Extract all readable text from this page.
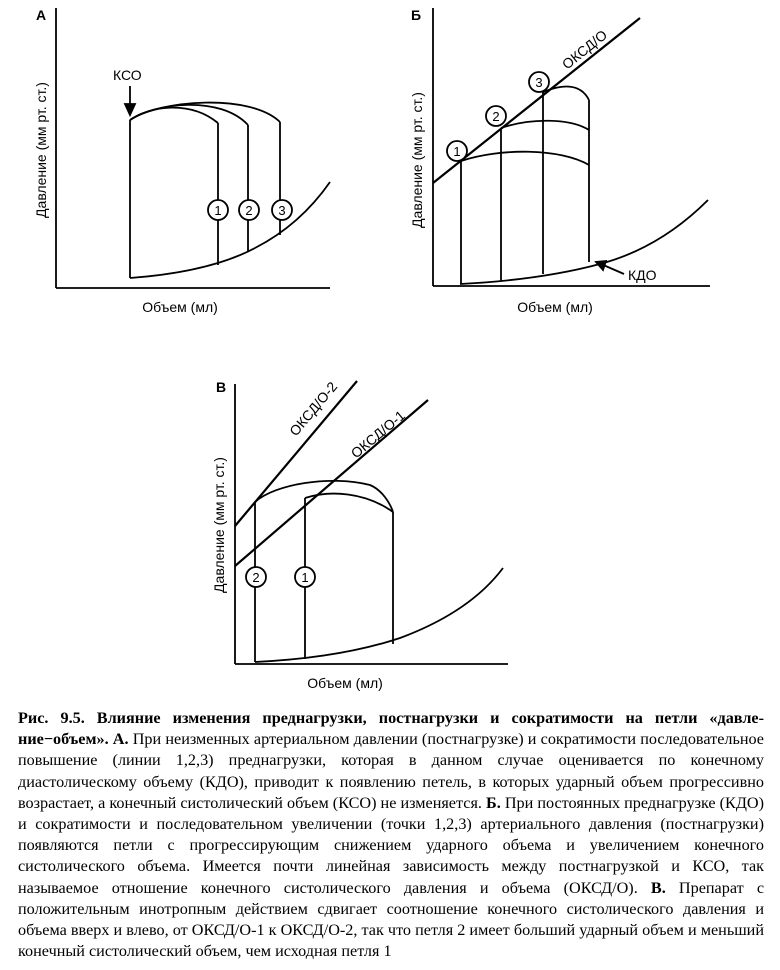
А
КСО
1 2 3
Объем (мл)
Давление (мм рт. ст.)
Б
ОКСД/О
КДО
1
2
3
Объем (мл)
Давление (мм рт. ст.)
В	ОКСД/О-2 ОКСД/О-1
2	1
Объем (мл)
Давление (мм рт. ст.)

Рис. 9.5. Влияние изменения преднагрузки, постнагрузки и сократимости на петли «давле-ние−объем». А. При неизменных артериальном давлении (постнагрузке) и сократимости последовательное повышение (линии 1,2,3) преднагрузки, которая в данном случае оценивается по конечному диастолическому объему (КДО), приводит к появлению петель, в которых ударный объем прогрессивно возрастает, а конечный систолический объем (КСО) не изменяется. Б. При постоянных преднагрузке (КДО) и сократимости и последовательном увеличении (точки 1,2,3) артериального давления (постнагрузки) появляются петли с прогрессирующим снижением ударного объема и увеличением конечного систолического объема. Имеется почти линейная зависимость между постнагрузкой и КСО, так называемое отношение конечного систолического давления и объема (ОКСД/О). В. Препарат с положительным инотропным действием сдвигает соотношение конечного систолического давления и объема вверх и влево, от ОКСД/О-1 к ОКСД/О-2, так что петля 2 имеет больший ударный объем и меньший конечный систолический объем, чем исходная петля 1
